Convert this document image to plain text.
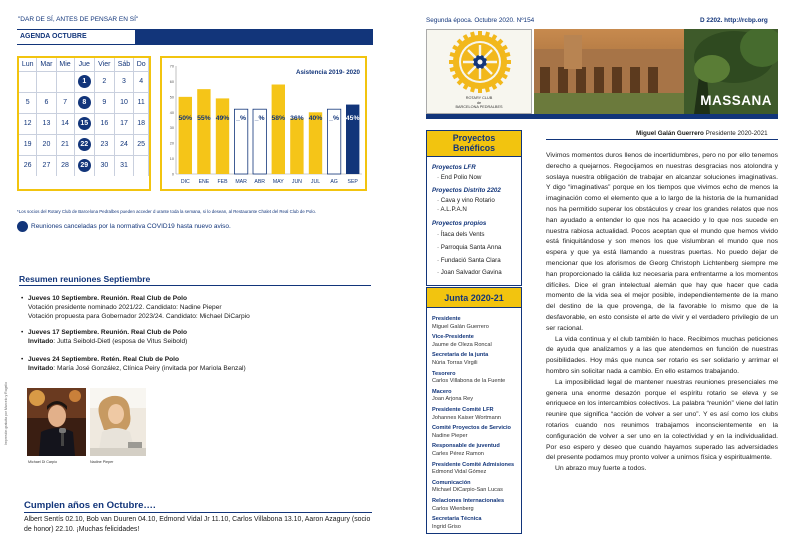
"DAR DE SÍ, ANTES DE PENSAR EN SÍ"
AGENDA OCTUBRE
Lun	Mar	Mie	Jue	Vier	Sáb	Do
			1	2	3	4
5	6	7	8	9	10	11
12	13	14	15	16	17	18
19	20	21	22	23	24	25
26	27	28	29	30	31	
0
10
20
30
40
50
60
70
50%
DIC
55%
ENE
49%
FEB
_%
MAR
_%
ABR
58%
MAY
36%
JUN
40%
JUL
_%
AG
45%
SEP
Asistencia 2019- 2020
*Los socios del Rotary Club de Barcelona Pedralbes pueden acceder d urante toda la semana, si lo desean, al Restaurante Chalet del Real Club de Polo.
Reuniones canceladas por la normativa COVID19 hasta nuevo aviso.
Resumen reuniones Septiembre
• Jueves 10 Septiembre. Reunión. Real Club de Polo
Votación presidente nominado 2021/22. Candidato: Nadine Pieper
Votación propuesta para Gobernador 2023/24. Candidato: Michael DiCarpio
• Jueves 17 Septiembre. Reunión. Real Club de Polo
Invitado: Jutta Seibold-Dietl (esposa de Vitus Seibold)
• Jueves 24 Septiembre. Retén. Real Club de Polo
Invitado: María José González, Clínica Peiry (invitada por Mariola Benzal)
Michael Di Carpio	Nadine Pieper
Impresión gratuita por Marcelo y Rogelio
Cumplen años en Octubre….
Albert Sentís 02.10, Bob van Duuren 04.10, Edmond Vidal Jr 11.10, Carlos Villabona 13.10, Aaron Azagury (socio de honor) 22.10. ¡Muchas felicidades!
Segunda época. Octubre 2020. Nº154	D 2202. http://rcbp.org
ROTARY CLUB
de
BARCELONA PEDRALBES	MASSANA
Proyectos
Benéficos
Proyectos LFR
· End Polio Now
Proyectos Distrito 2202
· Cava y vino Rotario
· A.L.P.A.N
Proyectos propios
· Ítaca dels Vents
· Parroquia Santa Anna
· Fundació Santa Clara
· Joan Salvador Gavina
Junta 2020-21
Presidente
Miguel Galán Guerrero
Vice-Presidente
Jaume de Oleza Roncal
Secretaria de la junta
Núria Torras Virgili
Tesorero
Carlos Villabona de la Fuente
Macero
Joan Arjona Rey
Presidente Comité LFR
Johannes Kaiser Wortmann
Comité Proyectos de Servicio
Nadine Pieper
Responsable de juventud
Carles Pérez Ramon
Presidente Comité Admisiones
Edmond Vidal Gómez
Comunicación
Michael DiCarpio-San Lucas
Relaciones Internacionales
Carlos Wienberg
Secretaria Técnica
Ingrid Griso
Miguel Galán Guerrero Presidente 2020-2021

Vivimos momentos duros llenos de incertidumbres, pero no por ello tenemos derecho a quejarnos. Regocijamos en nuestras desgracias nos atolondra y soslaya nuestra obligación de trabajar en alcanzar soluciones imaginativas. Y digo “imaginativas” porque en los tiempos que vivimos echo de menos la imaginación como el elemento que a lo largo de la historia de la humanidad nos ha permitido superar los obstáculos y crear los grandes relatos que nos han ayudado a entender lo que nos ha acaecido y lo que nos sucede en nuestra rabiosa actualidad. Pocos aceptan que el mundo que hemos vivido está finiquitándose y son menos los que vislumbran el mundo que nos espera y que ya está llamando a nuestras puertas. No puedo dejar de mencionar que los aforismos de Georg Christoph Lichtenberg siempre me han proporcionado la cálida luz necesaria para enfrentarme a los momentos difíciles. Dice el gran intelectual alemán que hay que hacer que cada momento de la vida sea el mejor posible, independientemente de la mano del destino de la que provenga, de la favorable lo mismo que de la desfavorable, en esto consiste el arte de vivir y el verdadero privilegio de un ser racional.

La vida continua y el club también lo hace. Recibimos muchas peticiones de ayuda que analizamos y a las que atendemos en función de nuestras posibilidades. Hoy más que nunca ser rotario es ser solidario y arrimar el hombro sin solicitar nada a cambio. En ello estamos trabajando.

La imposibilidad legal de mantener nuestras reuniones presenciales me genera una enorme desazón porque el espíritu rotario se eleva y se enriquece en los intercambios colectivos. La palabra “reunión” viene del latín reunire que significa “acción de volver a ser uno”. Y es así como los clubs rotarios cuando nos reunimos trabajamos inconscientemente en la configuración de volver a ser uno en la colectividad y en la individualidad. Por eso espero y deseo que cuando hayamos superado las adversidades del presente podamos muy pronto volver a unirnos física y espiritualmente.

Un abrazo muy fuerte a todos.
